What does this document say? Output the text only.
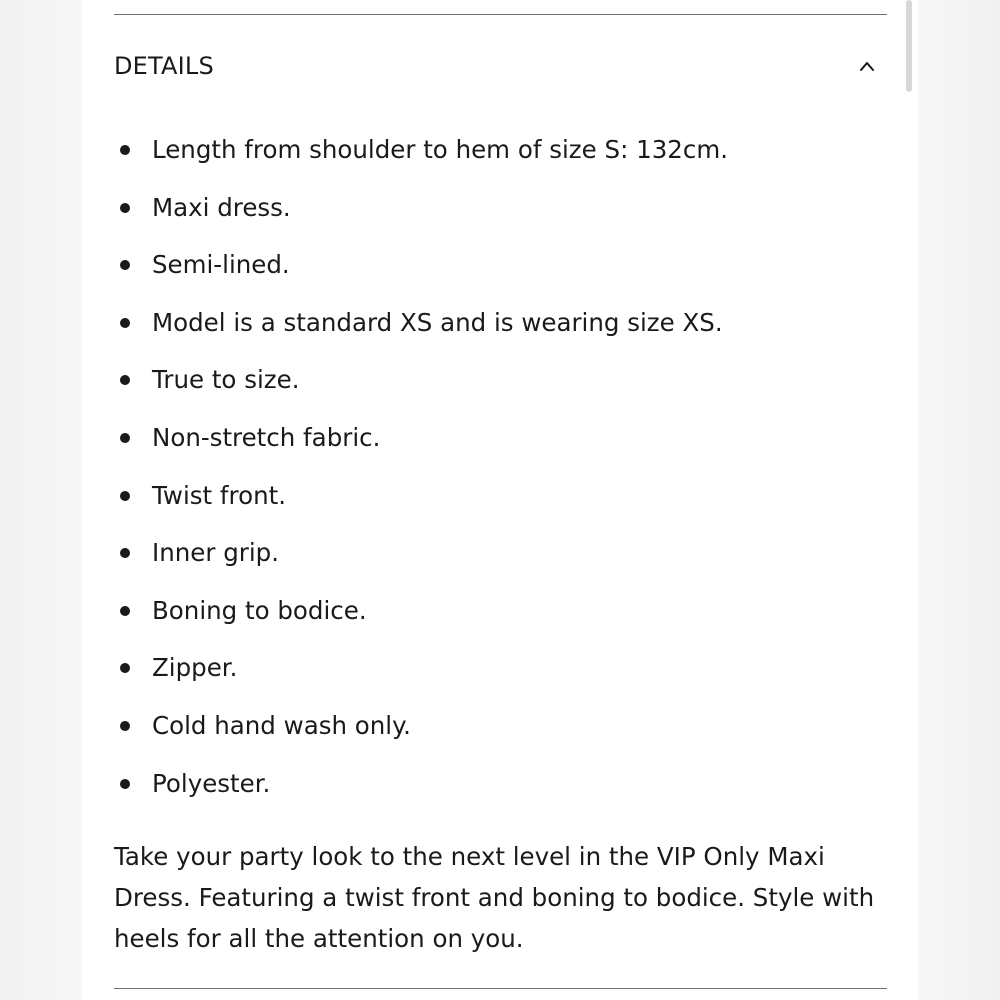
DETAILS
Length from shoulder to hem of size S: 132cm.
Maxi dress.
Semi-lined.
Model is a standard XS and is wearing size XS.
True to size.
Non-stretch fabric.
Twist front.
Inner grip.
Boning to bodice.
Zipper.
Cold hand wash only.
Polyester.

Take your party look to the next level in the VIP Only Maxi Dress. Featuring a twist front and boning to bodice. Style with heels for all the attention on you.
